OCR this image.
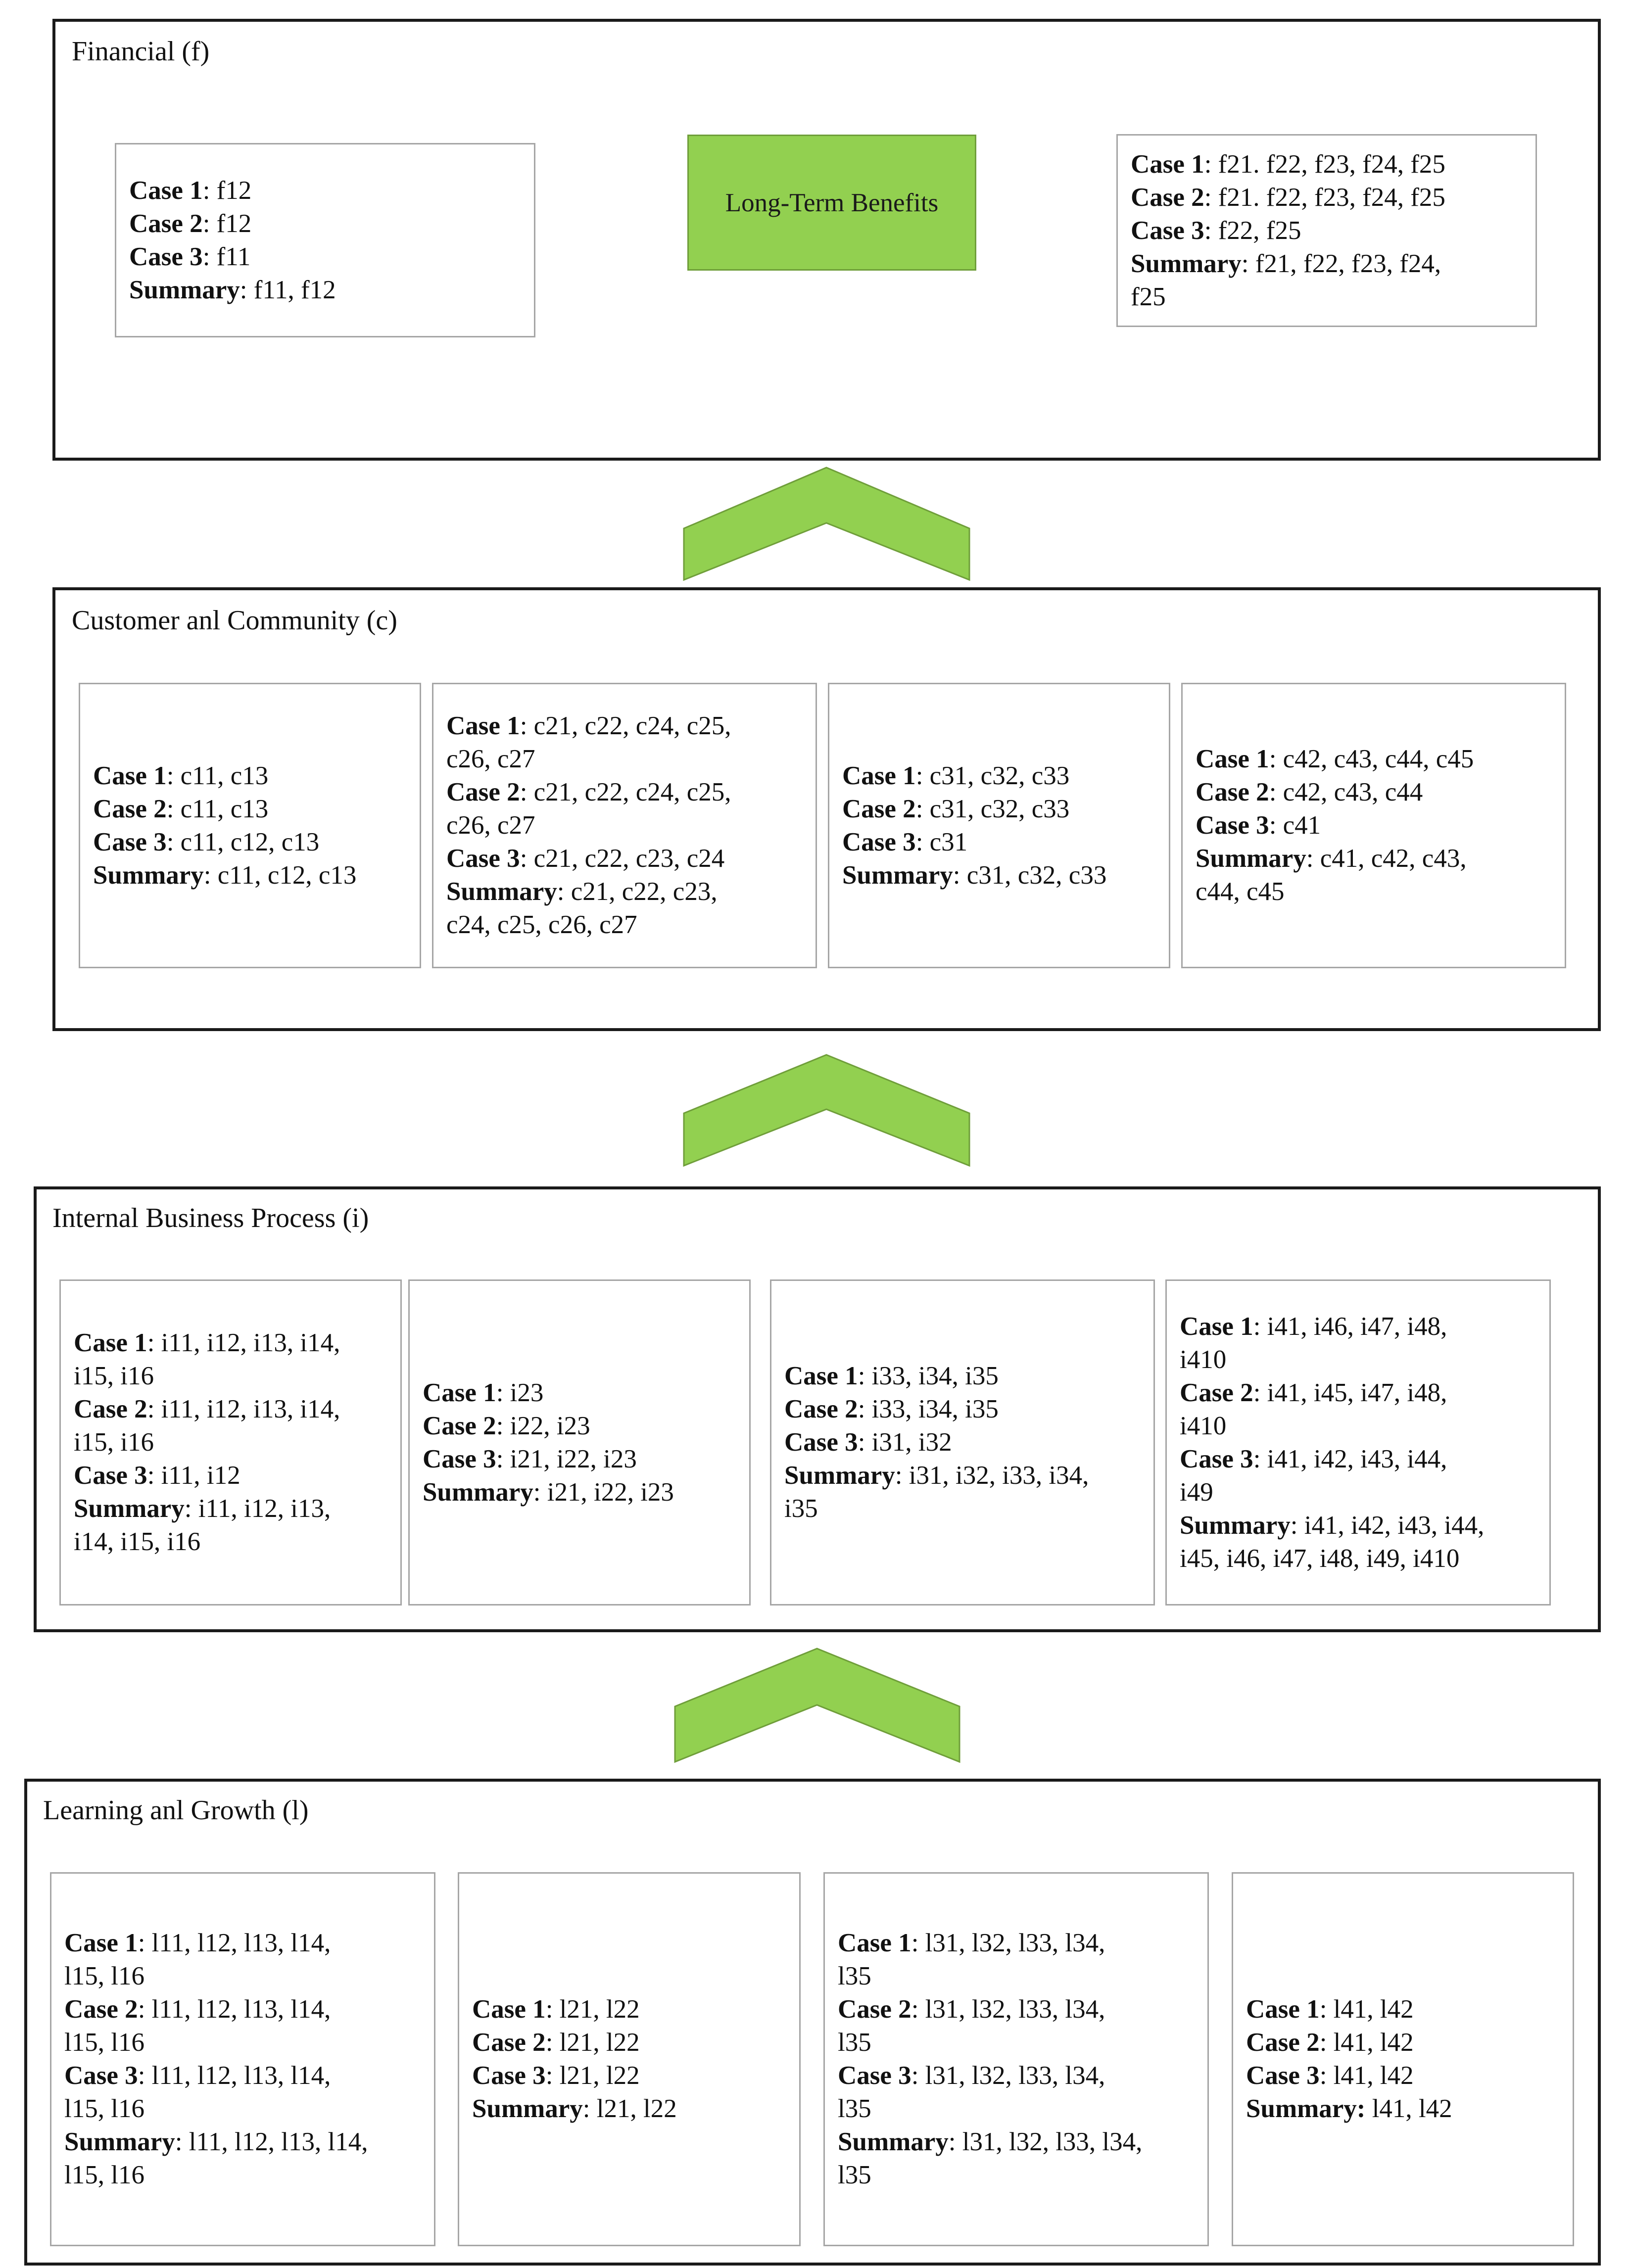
Financial (f)
Case 1: f12
Case 2: f12
Case 3: f11
Summary: f11, f12
Long-Term Benefits
Case 1: f21. f22, f23, f24, f25
Case 2: f21. f22, f23, f24, f25
Case 3: f22, f25
Summary: f21, f22, f23, f24,
f25
Customer anl Community (c)
Case 1: c11, c13
Case 2: c11, c13
Case 3: c11, c12, c13
Summary: c11, c12, c13
Case 1: c21, c22, c24, c25,
c26, c27
Case 2: c21, c22, c24, c25,
c26, c27
Case 3: c21, c22, c23, c24
Summary: c21, c22, c23,
c24, c25, c26, c27
Case 1: c31, c32, c33
Case 2: c31, c32, c33
Case 3: c31
Summary: c31, c32, c33
Case 1: c42, c43, c44, c45
Case 2: c42, c43, c44
Case 3: c41
Summary: c41, c42, c43,
c44, c45
Internal Business Process (i)
Case 1: i11, i12, i13, i14,
i15, i16
Case 2: i11, i12, i13, i14,
i15, i16
Case 3: i11, i12
Summary: i11, i12, i13,
i14, i15, i16
Case 1: i23
Case 2: i22, i23
Case 3: i21, i22, i23
Summary: i21, i22, i23
Case 1: i33, i34, i35
Case 2: i33, i34, i35
Case 3: i31, i32
Summary: i31, i32, i33, i34,
i35
Case 1: i41, i46, i47, i48,
i410
Case 2: i41, i45, i47, i48,
i410
Case 3: i41, i42, i43, i44,
i49
Summary: i41, i42, i43, i44,
i45, i46, i47, i48, i49, i410
Learning anl Growth (l)
Case 1: l11, l12, l13, l14,
l15, l16
Case 2: l11, l12, l13, l14,
l15, l16
Case 3: l11, l12, l13, l14,
l15, l16
Summary: l11, l12, l13, l14,
l15, l16
Case 1: l21, l22
Case 2: l21, l22
Case 3: l21, l22
Summary: l21, l22
Case 1: l31, l32, l33, l34,
l35
Case 2: l31, l32, l33, l34,
l35
Case 3: l31, l32, l33, l34,
l35
Summary: l31, l32, l33, l34,
l35
Case 1: l41, l42
Case 2: l41, l42
Case 3: l41, l42
Summary: l41, l42
